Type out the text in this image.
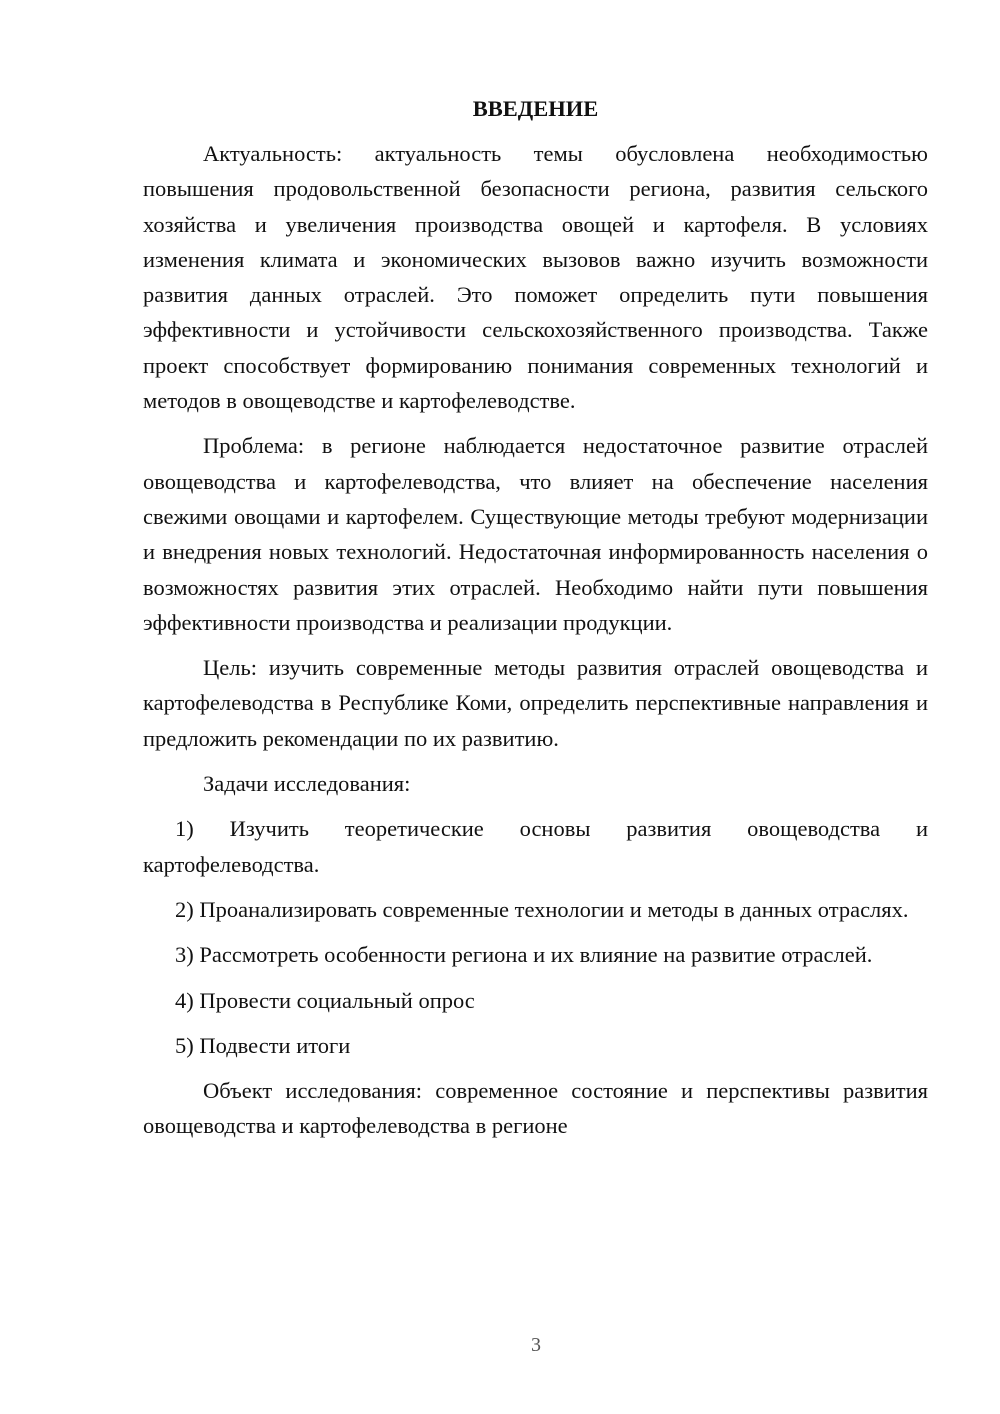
ВВЕДЕНИЕ

Актуальность: актуальность темы обусловлена необходимостью повышения продовольственной безопасности региона, развития сельского хозяйства и увеличения производства овощей и картофеля. В условиях изменения климата и экономических вызовов важно изучить возможности развития данных отраслей. Это поможет определить пути повышения эффективности и устойчивости сельскохозяйственного производства. Также проект способствует формированию понимания современных технологий и методов в овощеводстве и картофелеводстве.

Проблема: в регионе наблюдается недостаточное развитие отраслей овощеводства и картофелеводства, что влияет на обеспечение населения свежими овощами и картофелем. Существующие методы требуют модернизации и внедрения новых технологий. Недостаточная информированность населения о возможностях развития этих отраслей. Необходимо найти пути повышения эффективности производства и реализации продукции.

Цель: изучить современные методы развития отраслей овощеводства и картофелеводства в Республике Коми, определить перспективные направления и предложить рекомендации по их развитию.

Задачи исследования:

1) Изучить теоретические основы развития овощеводства и картофелеводства.

2) Проанализировать современные технологии и методы в данных отраслях.

3) Рассмотреть особенности региона и их влияние на развитие отраслей.

4) Провести социальный опрос

5) Подвести итоги

Объект исследования: современное состояние и перспективы развития овощеводства и картофелеводства в регионе

3
